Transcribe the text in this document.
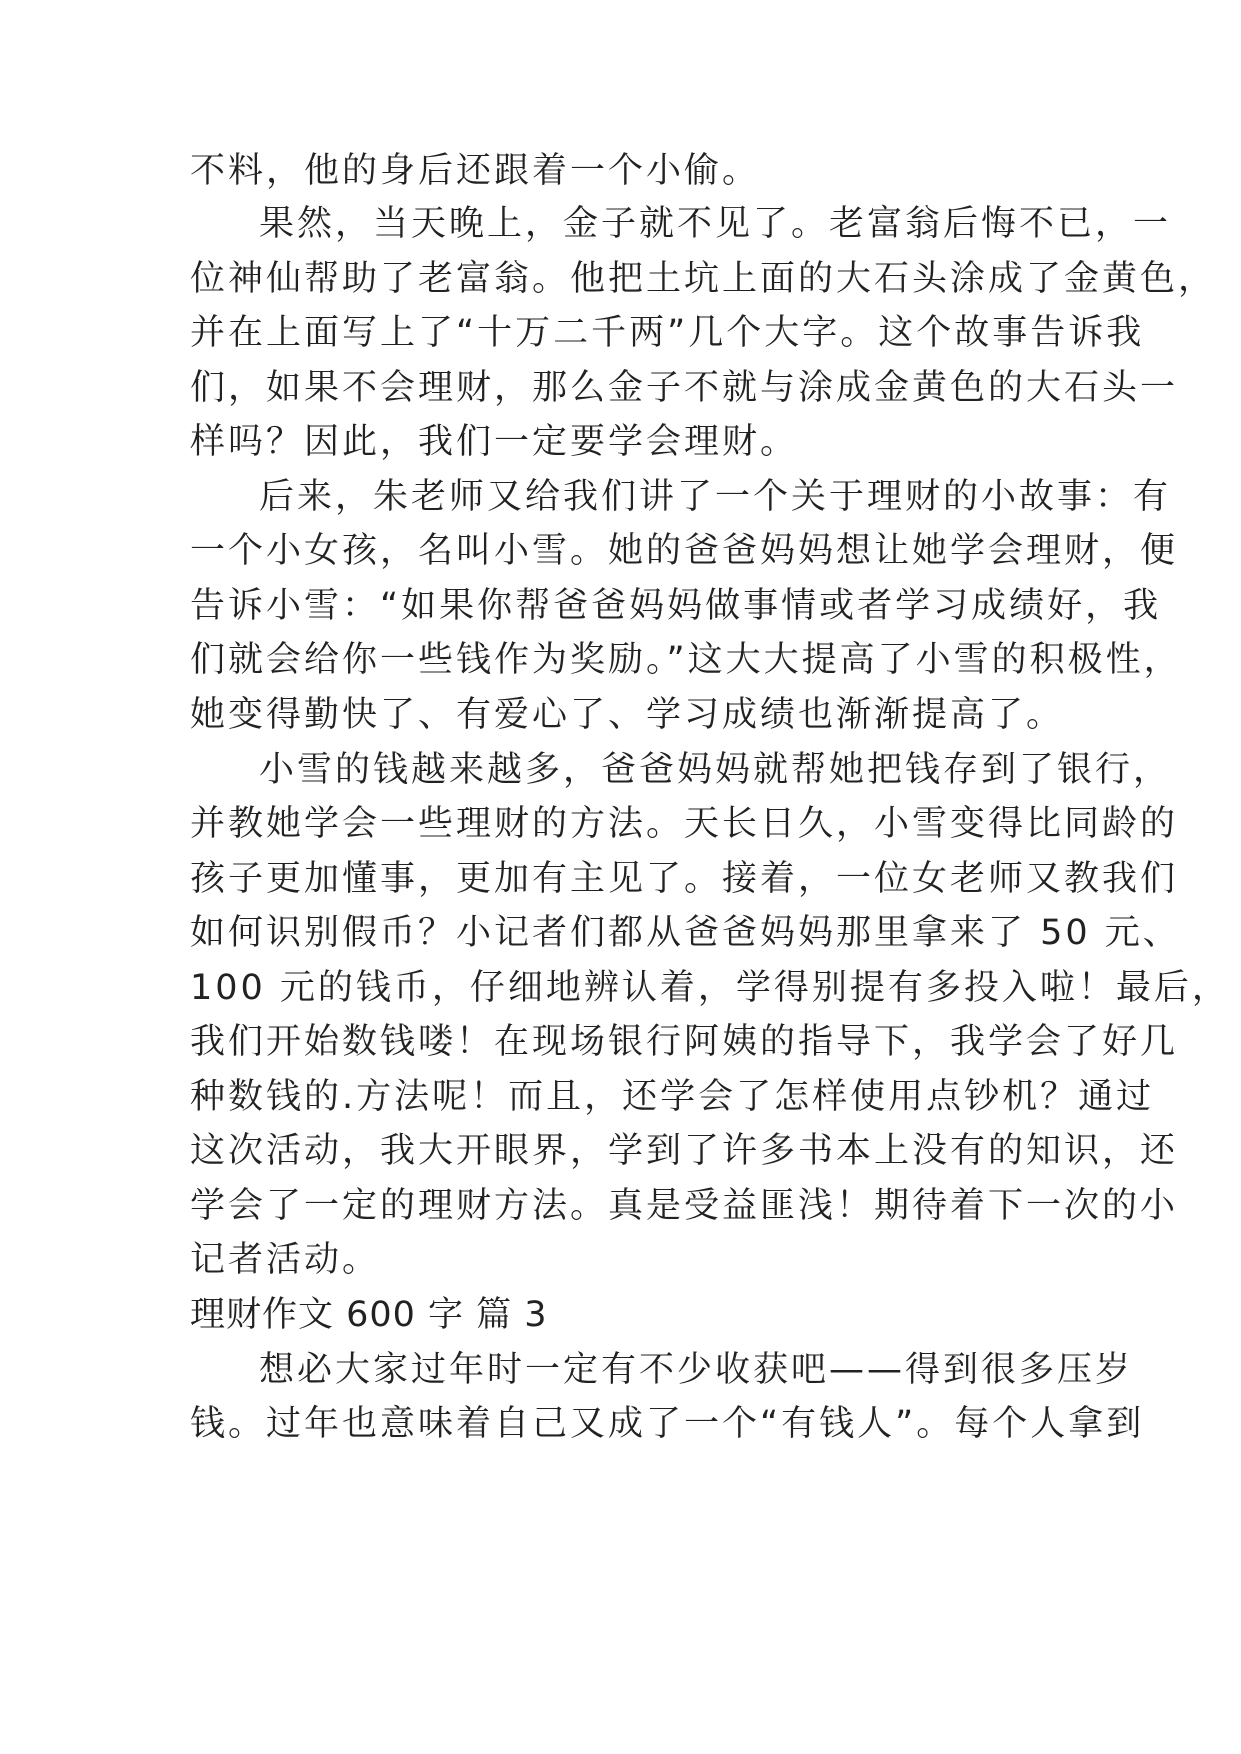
不料，他的身后还跟着一个小偷。
果然，当天晚上，金子就不见了。老富翁后悔不已，一
位神仙帮助了老富翁。他把土坑上面的大石头涂成了金黄色，
并在上面写上了“十万二千两”几个大字。这个故事告诉我
们，如果不会理财，那么金子不就与涂成金黄色的大石头一
样吗？因此，我们一定要学会理财。
后来，朱老师又给我们讲了一个关于理财的小故事：有
一个小女孩，名叫小雪。她的爸爸妈妈想让她学会理财，便
告诉小雪：“如果你帮爸爸妈妈做事情或者学习成绩好，我
们就会给你一些钱作为奖励。”这大大提高了小雪的积极性，
她变得勤快了、有爱心了、学习成绩也渐渐提高了。
小雪的钱越来越多，爸爸妈妈就帮她把钱存到了银行，
并教她学会一些理财的方法。天长日久，小雪变得比同龄的
孩子更加懂事，更加有主见了。接着，一位女老师又教我们
如何识别假币？小记者们都从爸爸妈妈那里拿来了 50 元、
100 元的钱币，仔细地辨认着，学得别提有多投入啦！最后，
我们开始数钱喽！在现场银行阿姨的指导下，我学会了好几
种数钱的.方法呢！而且，还学会了怎样使用点钞机？通过
这次活动，我大开眼界，学到了许多书本上没有的知识，还
学会了一定的理财方法。真是受益匪浅！期待着下一次的小
记者活动。
理财作文 600 字 篇 3
想必大家过年时一定有不少收获吧——得到很多压岁
钱。过年也意味着自己又成了一个“有钱人”。每个人拿到
